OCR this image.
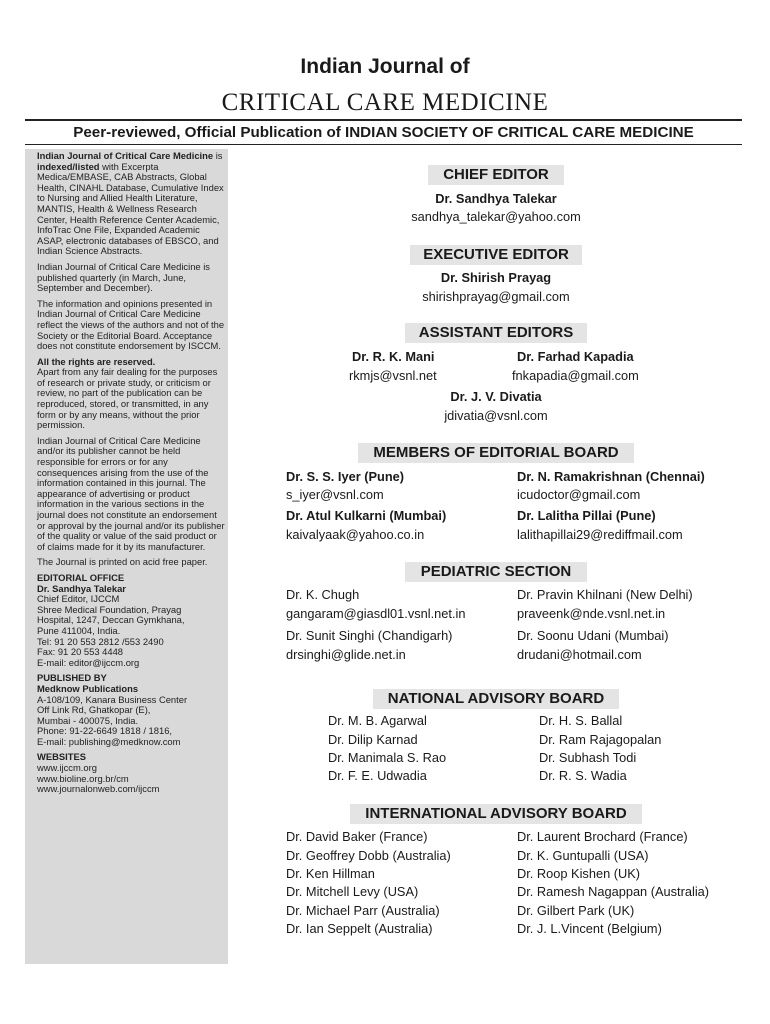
Indian Journal of
CRITICAL CARE MEDICINE
Peer-reviewed, Official Publication of INDIAN SOCIETY OF CRITICAL CARE MEDICINE

Indian Journal of Critical Care Medicine is indexed/listed with Excerpta Medica/EMBASE, CAB Abstracts, Global Health, CINAHL Database, Cumulative Index to Nursing and Allied Health Literature, MANTIS, Health & Wellness Research Center, Health Reference Center Academic, InfoTrac One File, Expanded Academic ASAP, electronic databases of EBSCO, and Indian Science Abstracts.

Indian Journal of Critical Care Medicine is published quarterly (in March, June, September and December).

The information and opinions presented in Indian Journal of Critical Care Medicine reflect the views of the authors and not of the Society or the Editorial Board. Acceptance does not constitute endorsement by ISCCM.

All the rights are reserved.
Apart from any fair dealing for the purposes of research or private study, or criticism or review, no part of the publication can be reproduced, stored, or transmitted, in any form or by any means, without the prior permission.

Indian Journal of Critical Care Medicine and/or its publisher cannot be held responsible for errors or for any consequences arising from the use of the information contained in this journal. The appearance of advertising or product information in the various sections in the journal does not constitute an endorsement or approval by the journal and/or its publisher of the quality or value of the said product or of claims made for it by its manufacturer.

The Journal is printed on acid free paper.

EDITORIAL OFFICE
Dr. Sandhya Talekar
Chief Editor, IJCCM
Shree Medical Foundation, Prayag
Hospital, 1247, Deccan Gymkhana,
Pune 411004, India.
Tel: 91 20 553 2812 /553 2490
Fax: 91 20 553 4448
E-mail: editor@ijccm.org

PUBLISHED BY
Medknow Publications
A-108/109, Kanara Business Center
Off Link Rd, Ghatkopar (E),
Mumbai - 400075, India.
Phone: 91-22-6649 1818 / 1816,
E-mail: publishing@medknow.com

WEBSITES
www.ijccm.org
www.bioline.org.br/cm
www.journalonweb.com/ijccm

CHIEF EDITOR
Dr. Sandhya Talekar
sandhya_talekar@yahoo.com
EXECUTIVE EDITOR
Dr. Shirish Prayag
shirishprayag@gmail.com
ASSISTANT EDITORS
Dr. R. K. Mani
rkmjs@vsnl.net
Dr. Farhad Kapadia
fnkapadia@gmail.com
Dr. J. V. Divatia
jdivatia@vsnl.com
MEMBERS OF EDITORIAL BOARD
Dr. S. S. Iyer (Pune)
s_iyer@vsnl.com
Dr. N. Ramakrishnan (Chennai)
icudoctor@gmail.com
Dr. Atul Kulkarni (Mumbai)
kaivalyaak@yahoo.co.in
Dr. Lalitha Pillai (Pune)
lalithapillai29@rediffmail.com
PEDIATRIC SECTION
Dr. K. Chugh
gangaram@giasdl01.vsnl.net.in
Dr. Pravin Khilnani (New Delhi)
praveenk@nde.vsnl.net.in
Dr. Sunit Singhi (Chandigarh)
drsinghi@glide.net.in
Dr. Soonu Udani (Mumbai)
drudani@hotmail.com
NATIONAL ADVISORY BOARD
Dr. M. B. Agarwal
Dr. Dilip Karnad
Dr. Manimala S. Rao
Dr. F. E. Udwadia
Dr. H. S. Ballal
Dr. Ram Rajagopalan
Dr. Subhash Todi
Dr. R. S. Wadia
INTERNATIONAL ADVISORY BOARD
Dr. David Baker (France)
Dr. Geoffrey Dobb (Australia)
Dr. Ken Hillman
Dr. Mitchell Levy (USA)
Dr. Michael Parr (Australia)
Dr. Ian Seppelt (Australia)
Dr. Laurent Brochard (France)
Dr. K. Guntupalli (USA)
Dr. Roop Kishen (UK)
Dr. Ramesh Nagappan (Australia)
Dr. Gilbert Park (UK)
Dr. J. L.Vincent (Belgium)
